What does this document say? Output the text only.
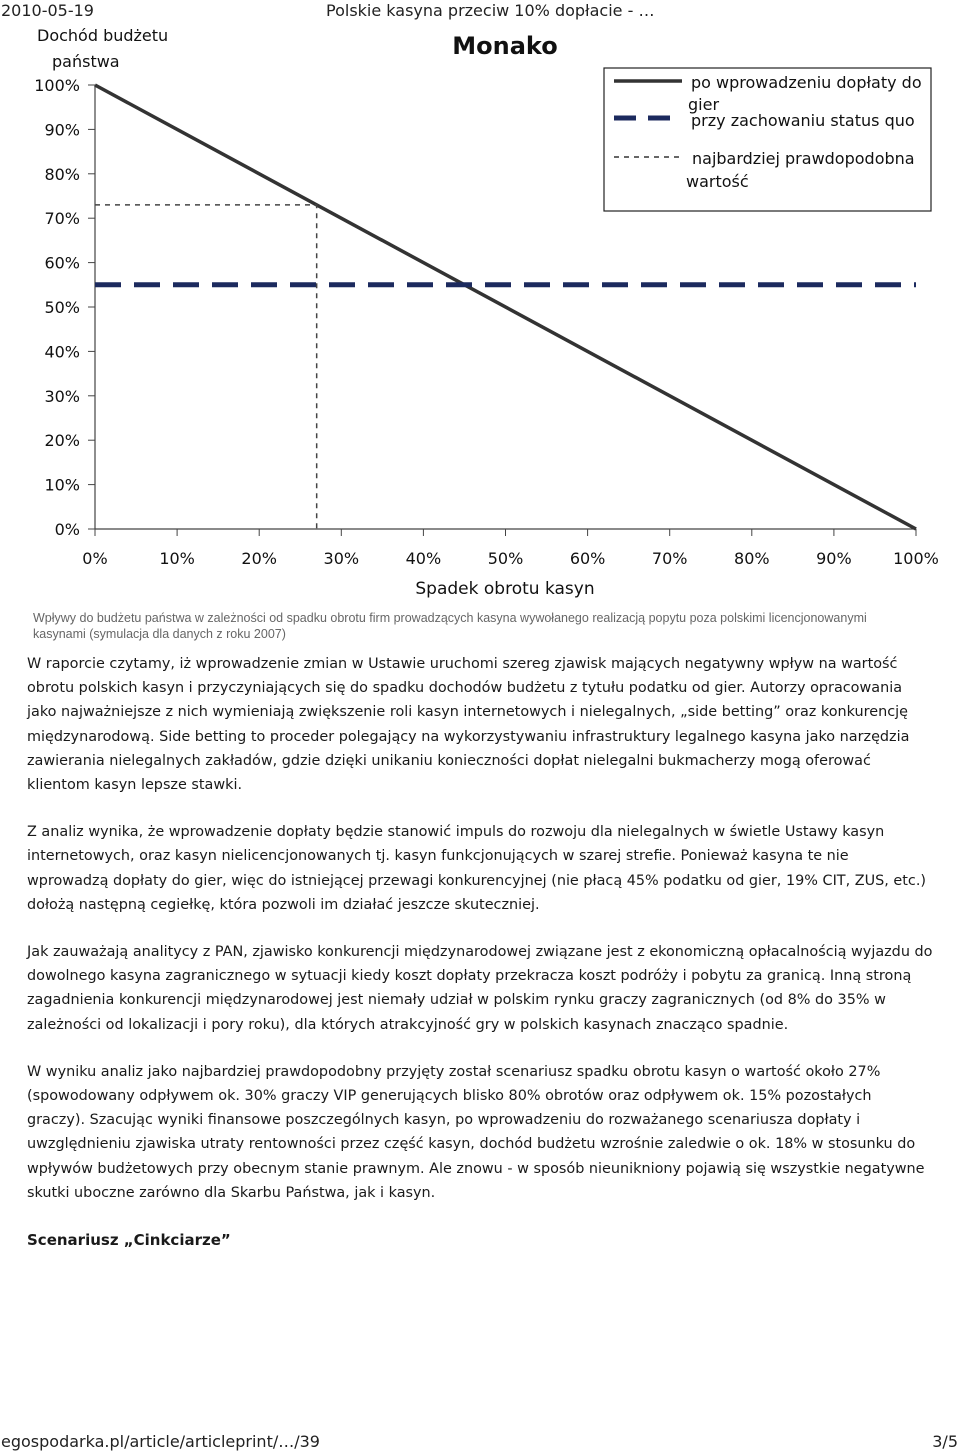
2010-05-19	Polskie kasyna przeciw 10% dopłacie - …
Dochód budżetu
państwa
Monako
Spadek obrotu kasyn
0%	10%	20%	30%	40%	50%	60%	70%	80%	90%	100%
0%
10%
20%
30%
40%
50%
60%
70%
80%
90%
100%	po wprowadzeniu dopłaty do
gier
przy zachowaniu status quo
najbardziej prawdopodobna
wartość
Wpływy do budżetu państwa w zależności od spadku obrotu firm prowadzących kasyna wywołanego realizacją popytu poza polskimi licencjonowanymi kasynami (symulacja dla danych z roku 2007)

W raporcie czytamy, iż wprowadzenie zmian w Ustawie uruchomi szereg zjawisk mających negatywny wpływ na wartość obrotu polskich kasyn i przyczyniających się do spadku dochodów budżetu z tytułu podatku od gier. Autorzy opracowania jako najważniejsze z nich wymieniają zwiększenie roli kasyn internetowych i nielegalnych, „side betting” oraz konkurencję międzynarodową. Side betting to proceder polegający na wykorzystywaniu infrastruktury legalnego kasyna jako narzędzia zawierania nielegalnych zakładów, gdzie dzięki unikaniu konieczności dopłat nielegalni bukmacherzy mogą oferować klientom kasyn lepsze stawki.

Z analiz wynika, że wprowadzenie dopłaty będzie stanowić impuls do rozwoju dla nielegalnych w świetle Ustawy kasyn internetowych, oraz kasyn nielicencjonowanych tj. kasyn funkcjonujących w szarej strefie. Ponieważ kasyna te nie wprowadzą dopłaty do gier, więc do istniejącej przewagi konkurencyjnej (nie płacą 45% podatku od gier, 19% CIT, ZUS, etc.) dołożą następną cegiełkę, która pozwoli im działać jeszcze skuteczniej.

Jak zauważają analitycy z PAN, zjawisko konkurencji międzynarodowej związane jest z ekonomiczną opłacalnością wyjazdu do dowolnego kasyna zagranicznego w sytuacji kiedy koszt dopłaty przekracza koszt podróży i pobytu za granicą. Inną stroną zagadnienia konkurencji międzynarodowej jest niemały udział w polskim rynku graczy zagranicznych (od 8% do 35% w zależności od lokalizacji i pory roku), dla których atrakcyjność gry w polskich kasynach znacząco spadnie.

W wyniku analiz jako najbardziej prawdopodobny przyjęty został scenariusz spadku obrotu kasyn o wartość około 27% (spowodowany odpływem ok. 30% graczy VIP generujących blisko 80% obrotów oraz odpływem ok. 15% pozostałych graczy). Szacując wyniki finansowe poszczególnych kasyn, po wprowadzeniu do rozważanego scenariusza dopłaty i uwzględnieniu zjawiska utraty rentowności przez część kasyn, dochód budżetu wzrośnie zaledwie o ok. 18% w stosunku do wpływów budżetowych przy obecnym stanie prawnym. Ale znowu - w sposób nieunikniony pojawią się wszystkie negatywne skutki uboczne zarówno dla Skarbu Państwa, jak i kasyn.

Scenariusz „Cinkciarze”
egospodarka.pl/article/articleprint/…/39	3/5
